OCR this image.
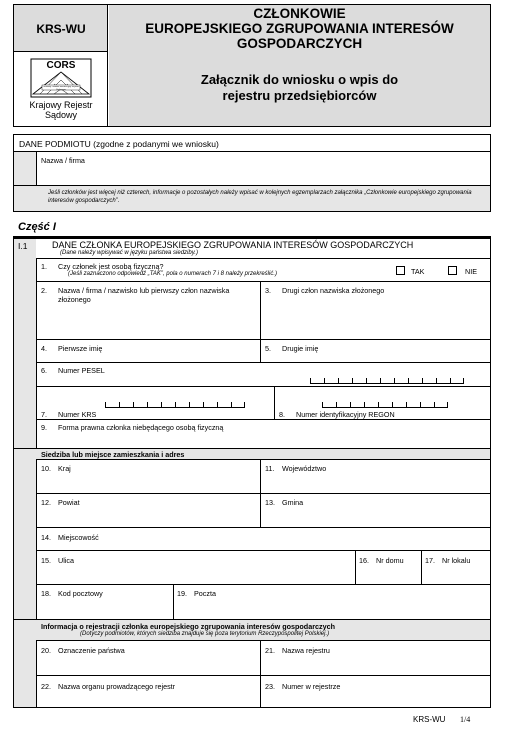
KRS-WU
CORS
Centralny Ośrodek Informacyjny Rejestru Sądowego
Krajowy Rejestr
Sądowy
CZŁONKOWIE
EUROPEJSKIEGO ZGRUPOWANIA INTERESÓW
GOSPODARCZYCH
Załącznik do wniosku o wpis do
rejestru przedsiębiorców
DANE PODMIOTU (zgodne z podanymi we wniosku)
Nazwa / firma
Jeśli członków jest więcej niż czterech, informacje o pozostałych należy wpisać w kolejnych egzemplarzach załącznika „Członkowie europejskiego zgrupowania interesów gospodarczych”.
Część I
I.1	DANE CZŁONKA EUROPEJSKIEGO ZGRUPOWANIA INTERESÓW GOSPODARCZYCH
(Dane należy wpisywać w języku państwa siedziby.)
1. Czy członek jest osobą fizyczną?
(Jeśli zaznaczono odpowiedź „TAK”, pola o numerach 7 i 8 należy przekreślić.)	TAK	NIE
2. Nazwa / firma / nazwisko lub pierwszy człon nazwiska złożonego
3. Drugi człon nazwiska złożonego
4. Pierwsze imię	5. Drugie imię
6. Numer PESEL
7. Numer KRS	8. Numer identyfikacyjny REGON
9. Forma prawna członka niebędącego osobą fizyczną
Siedziba lub miejsce zamieszkania i adres
10. Kraj	11. Województwo
12. Powiat	13. Gmina
14. Miejscowość
15. Ulica	16. Nr domu	17. Nr lokalu
18. Kod pocztowy	19. Poczta
Informacja o rejestracji członka europejskiego zgrupowania interesów gospodarczych
(Dotyczy podmiotów, których siedziba znajduje się poza terytorium Rzeczypospolitej Polskiej.)
20. Oznaczenie państwa	21. Nazwa rejestru
22. Nazwa organu prowadzącego rejestr	23. Numer w rejestrze
KRS-WU 1/4
